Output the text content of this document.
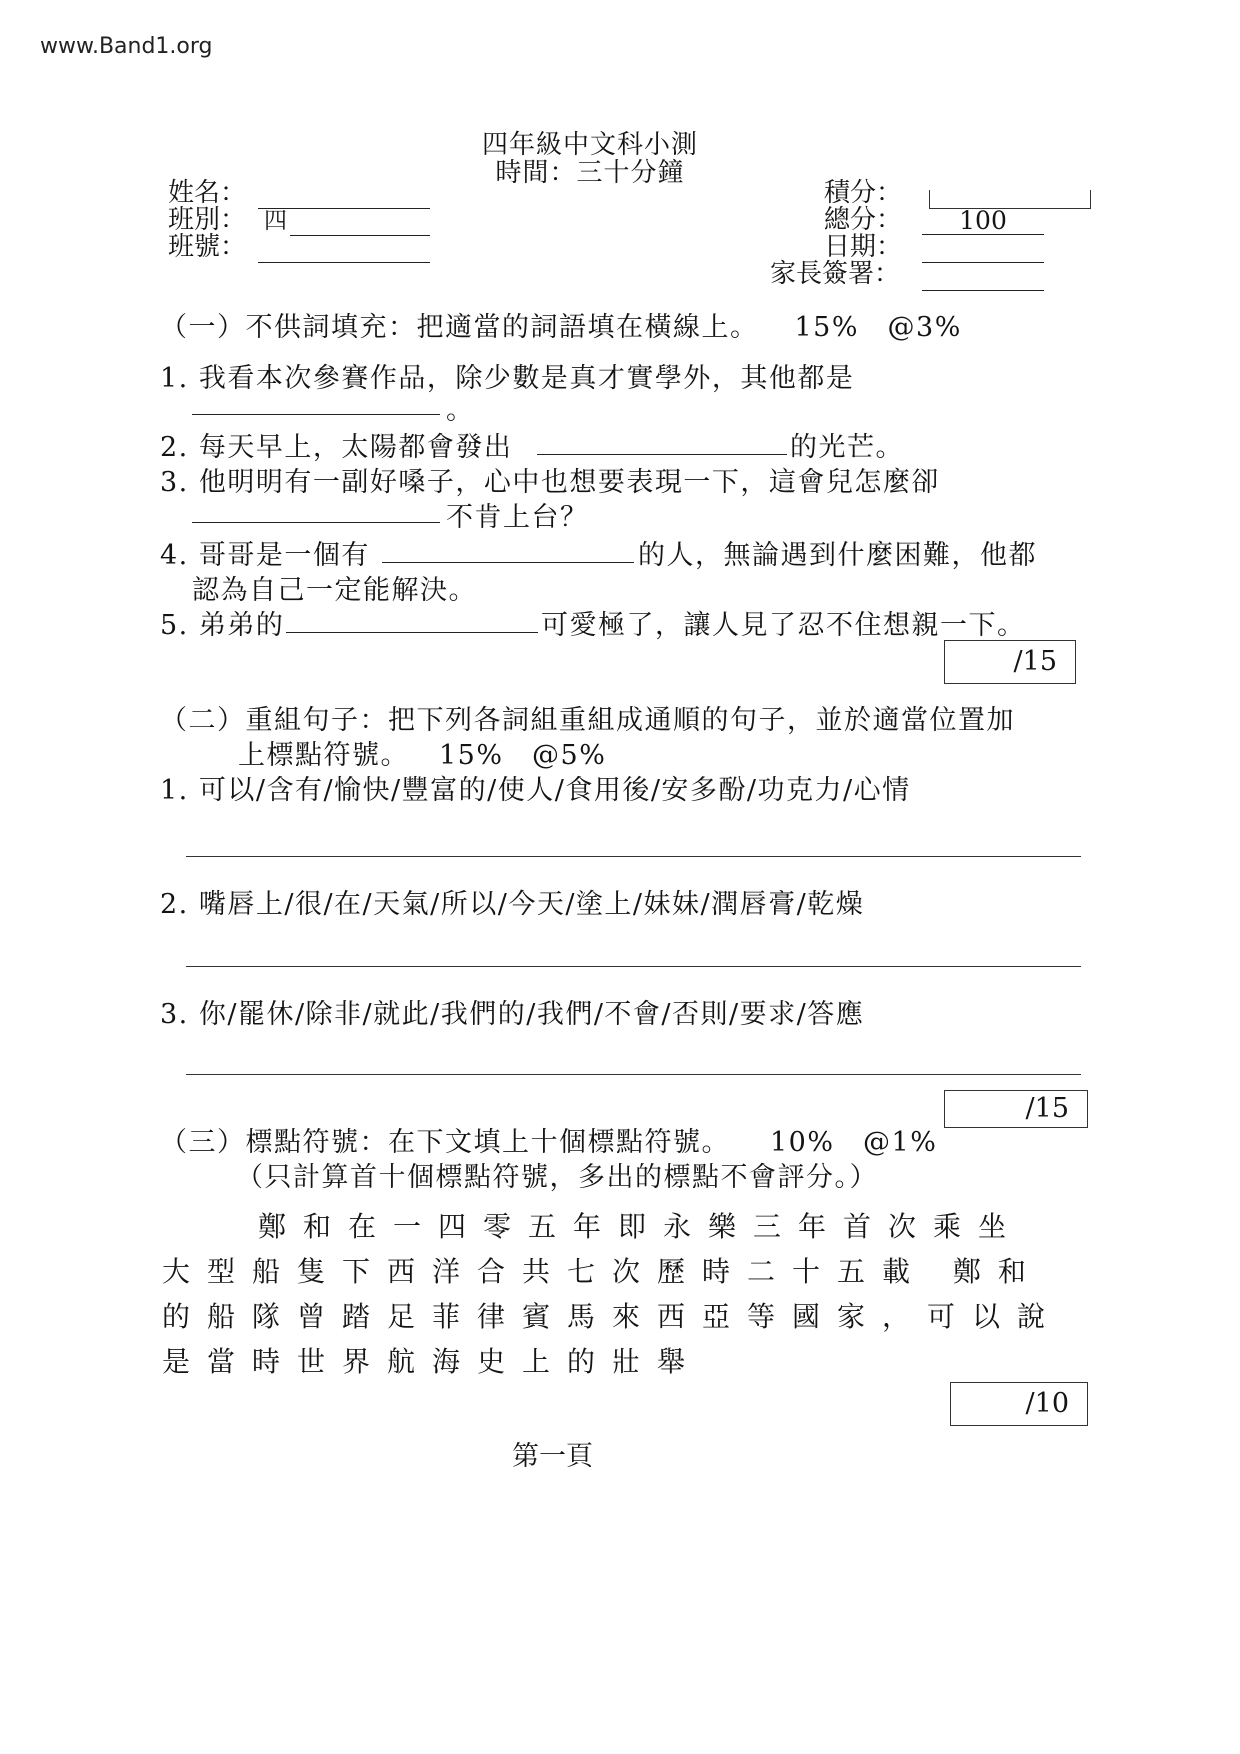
www.Band1.org
四年級中文科小測
時間：三十分鐘
姓名：
班別： 四
班號：
積分：
總分：	100
日期：
家長簽署：
（一）不供詞填充：把適當的詞語填在橫線上。 15%　@3%
1. 我看本次參賽作品，除少數是真才實學外，其他都是
。
2. 每天早上，太陽都會發出	的光芒。
3. 他明明有一副好嗓子，心中也想要表現一下，這會兒怎麼卻
不肯上台？
4. 哥哥是一個有	的人，無論遇到什麼困難，他都
認為自己一定能解決。
5. 弟弟的	可愛極了，讓人見了忍不住想親一下。
/15
（二）重組句子：把下列各詞組重組成通順的句子，並於適當位置加
上標點符號。 15%　@5%
1. 可以/含有/愉快/豐富的/使人/食用後/安多酚/功克力/心情
2. 嘴唇上/很/在/天氣/所以/今天/塗上/妹妹/潤唇膏/乾燥
3. 你/罷休/除非/就此/我們的/我們/不會/否則/要求/答應
/15
（三）標點符號：在下文填上十個標點符號。 10%　@1%
（只計算首十個標點符號，多出的標點不會評分。）
鄭和在一四零五年即永樂三年首次乘坐
大型船隻下西洋合共七次歷時二十五載 鄭和
的船隊曾踏足菲律賓馬來西亞等國家，可以說
是當時世界航海史上的壯舉
/10
第一頁
